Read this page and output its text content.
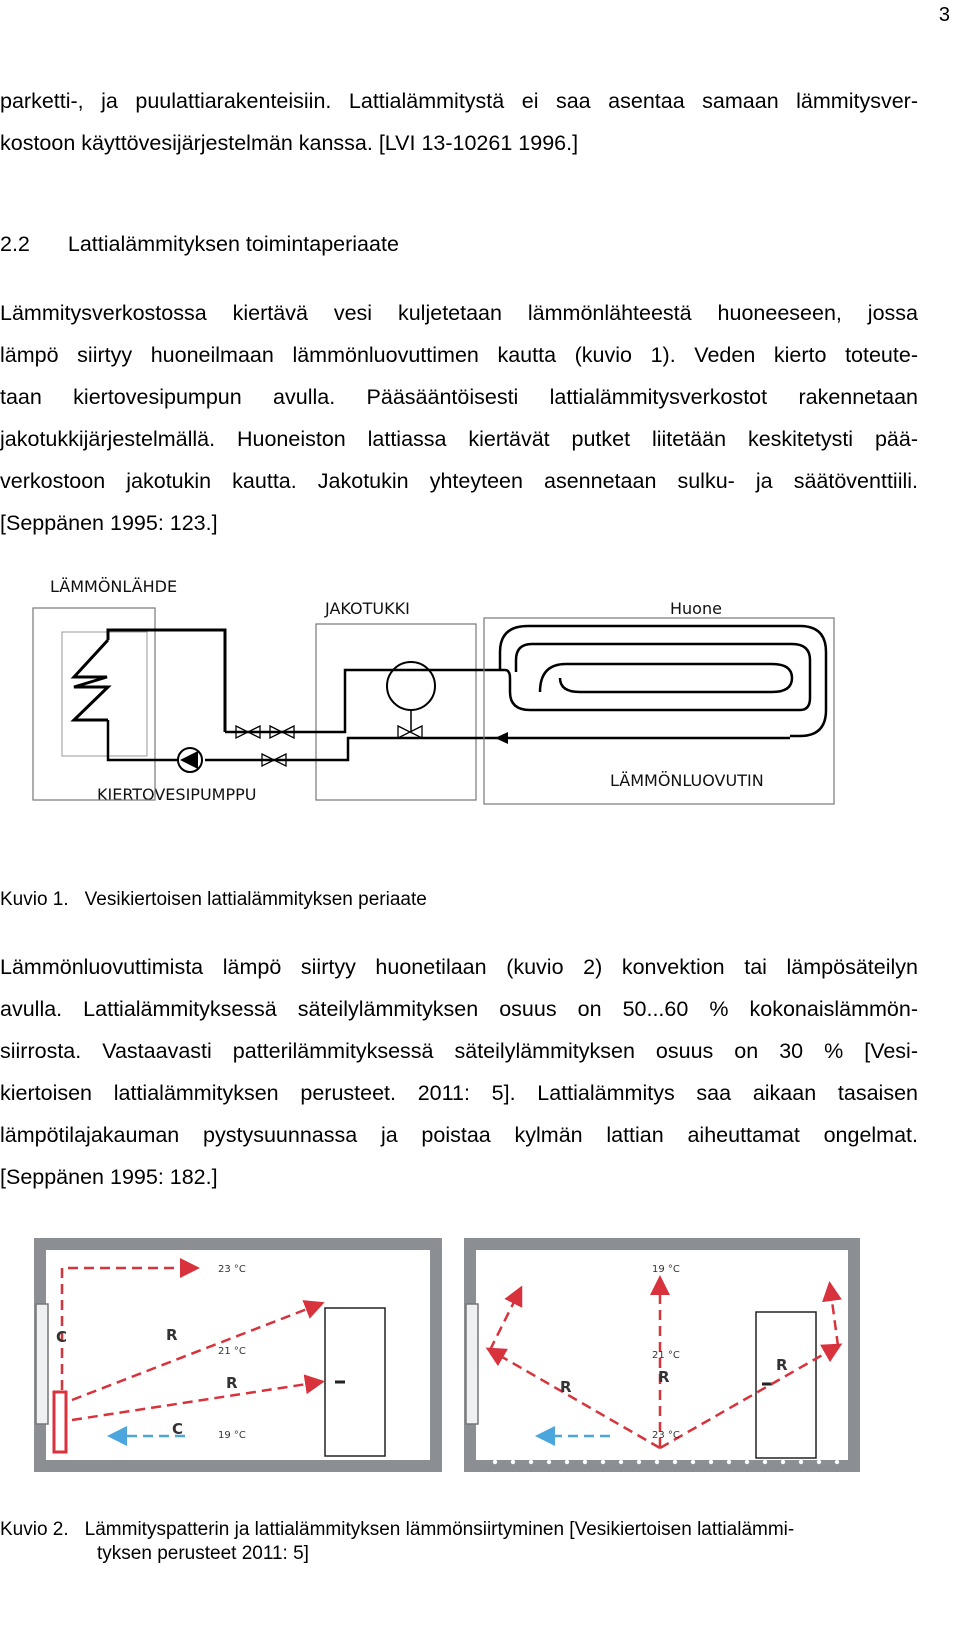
3
parketti-, ja puulattiarakenteisiin. Lattialämmitystä ei saa asentaa samaan lämmitysver-
kostoon käyttövesijärjestelmän kanssa. [LVI 13-10261 1996.]
2.2 Lattialämmityksen toimintaperiaate
Lämmitysverkostossa kiertävä vesi kuljetetaan lämmönlähteestä huoneeseen, jossa
lämpö siirtyy huoneilmaan lämmönluovuttimen kautta (kuvio 1). Veden kierto toteute-
taan kiertovesipumpun avulla. Pääsääntöisesti lattialämmitysverkostot rakennetaan
jakotukkijärjestelmällä. Huoneiston lattiassa kiertävät putket liitetään keskitetysti pää-
verkostoon jakotukin kautta. Jakotukin yhteyteen asennetaan sulku- ja säätöventtiili.
[Seppänen 1995: 123.]
LÄMMÖNLÄHDE
JAKOTUKKI	Huone
KIERTOVESIPUMPPU
LÄMMÖNLUOVUTIN
Kuvio 1. Vesikiertoisen lattialämmityksen periaate
Lämmönluovuttimista lämpö siirtyy huonetilaan (kuvio 2) konvektion tai lämpösäteilyn
avulla. Lattialämmityksessä säteilylämmityksen osuus on 50...60 % kokonaislämmön-
siirrosta. Vastaavasti patterilämmityksessä säteilylämmityksen osuus on 30 % [Vesi-
kiertoisen lattialämmityksen perusteet. 2011: 5]. Lattialämmitys saa aikaan tasaisen
lämpötilajakauman pystysuunnassa ja poistaa kylmän lattian aiheuttamat ongelmat.
[Seppänen 1995: 182.]
23 °C
21 °C
19 °C
C
C
R
R
19 °C
21 °C
23 °C
R
R
R
Kuvio 2. Lämmityspatterin ja lattialämmityksen lämmönsiirtyminen [Vesikiertoisen lattialämmi-
tyksen perusteet 2011: 5]
